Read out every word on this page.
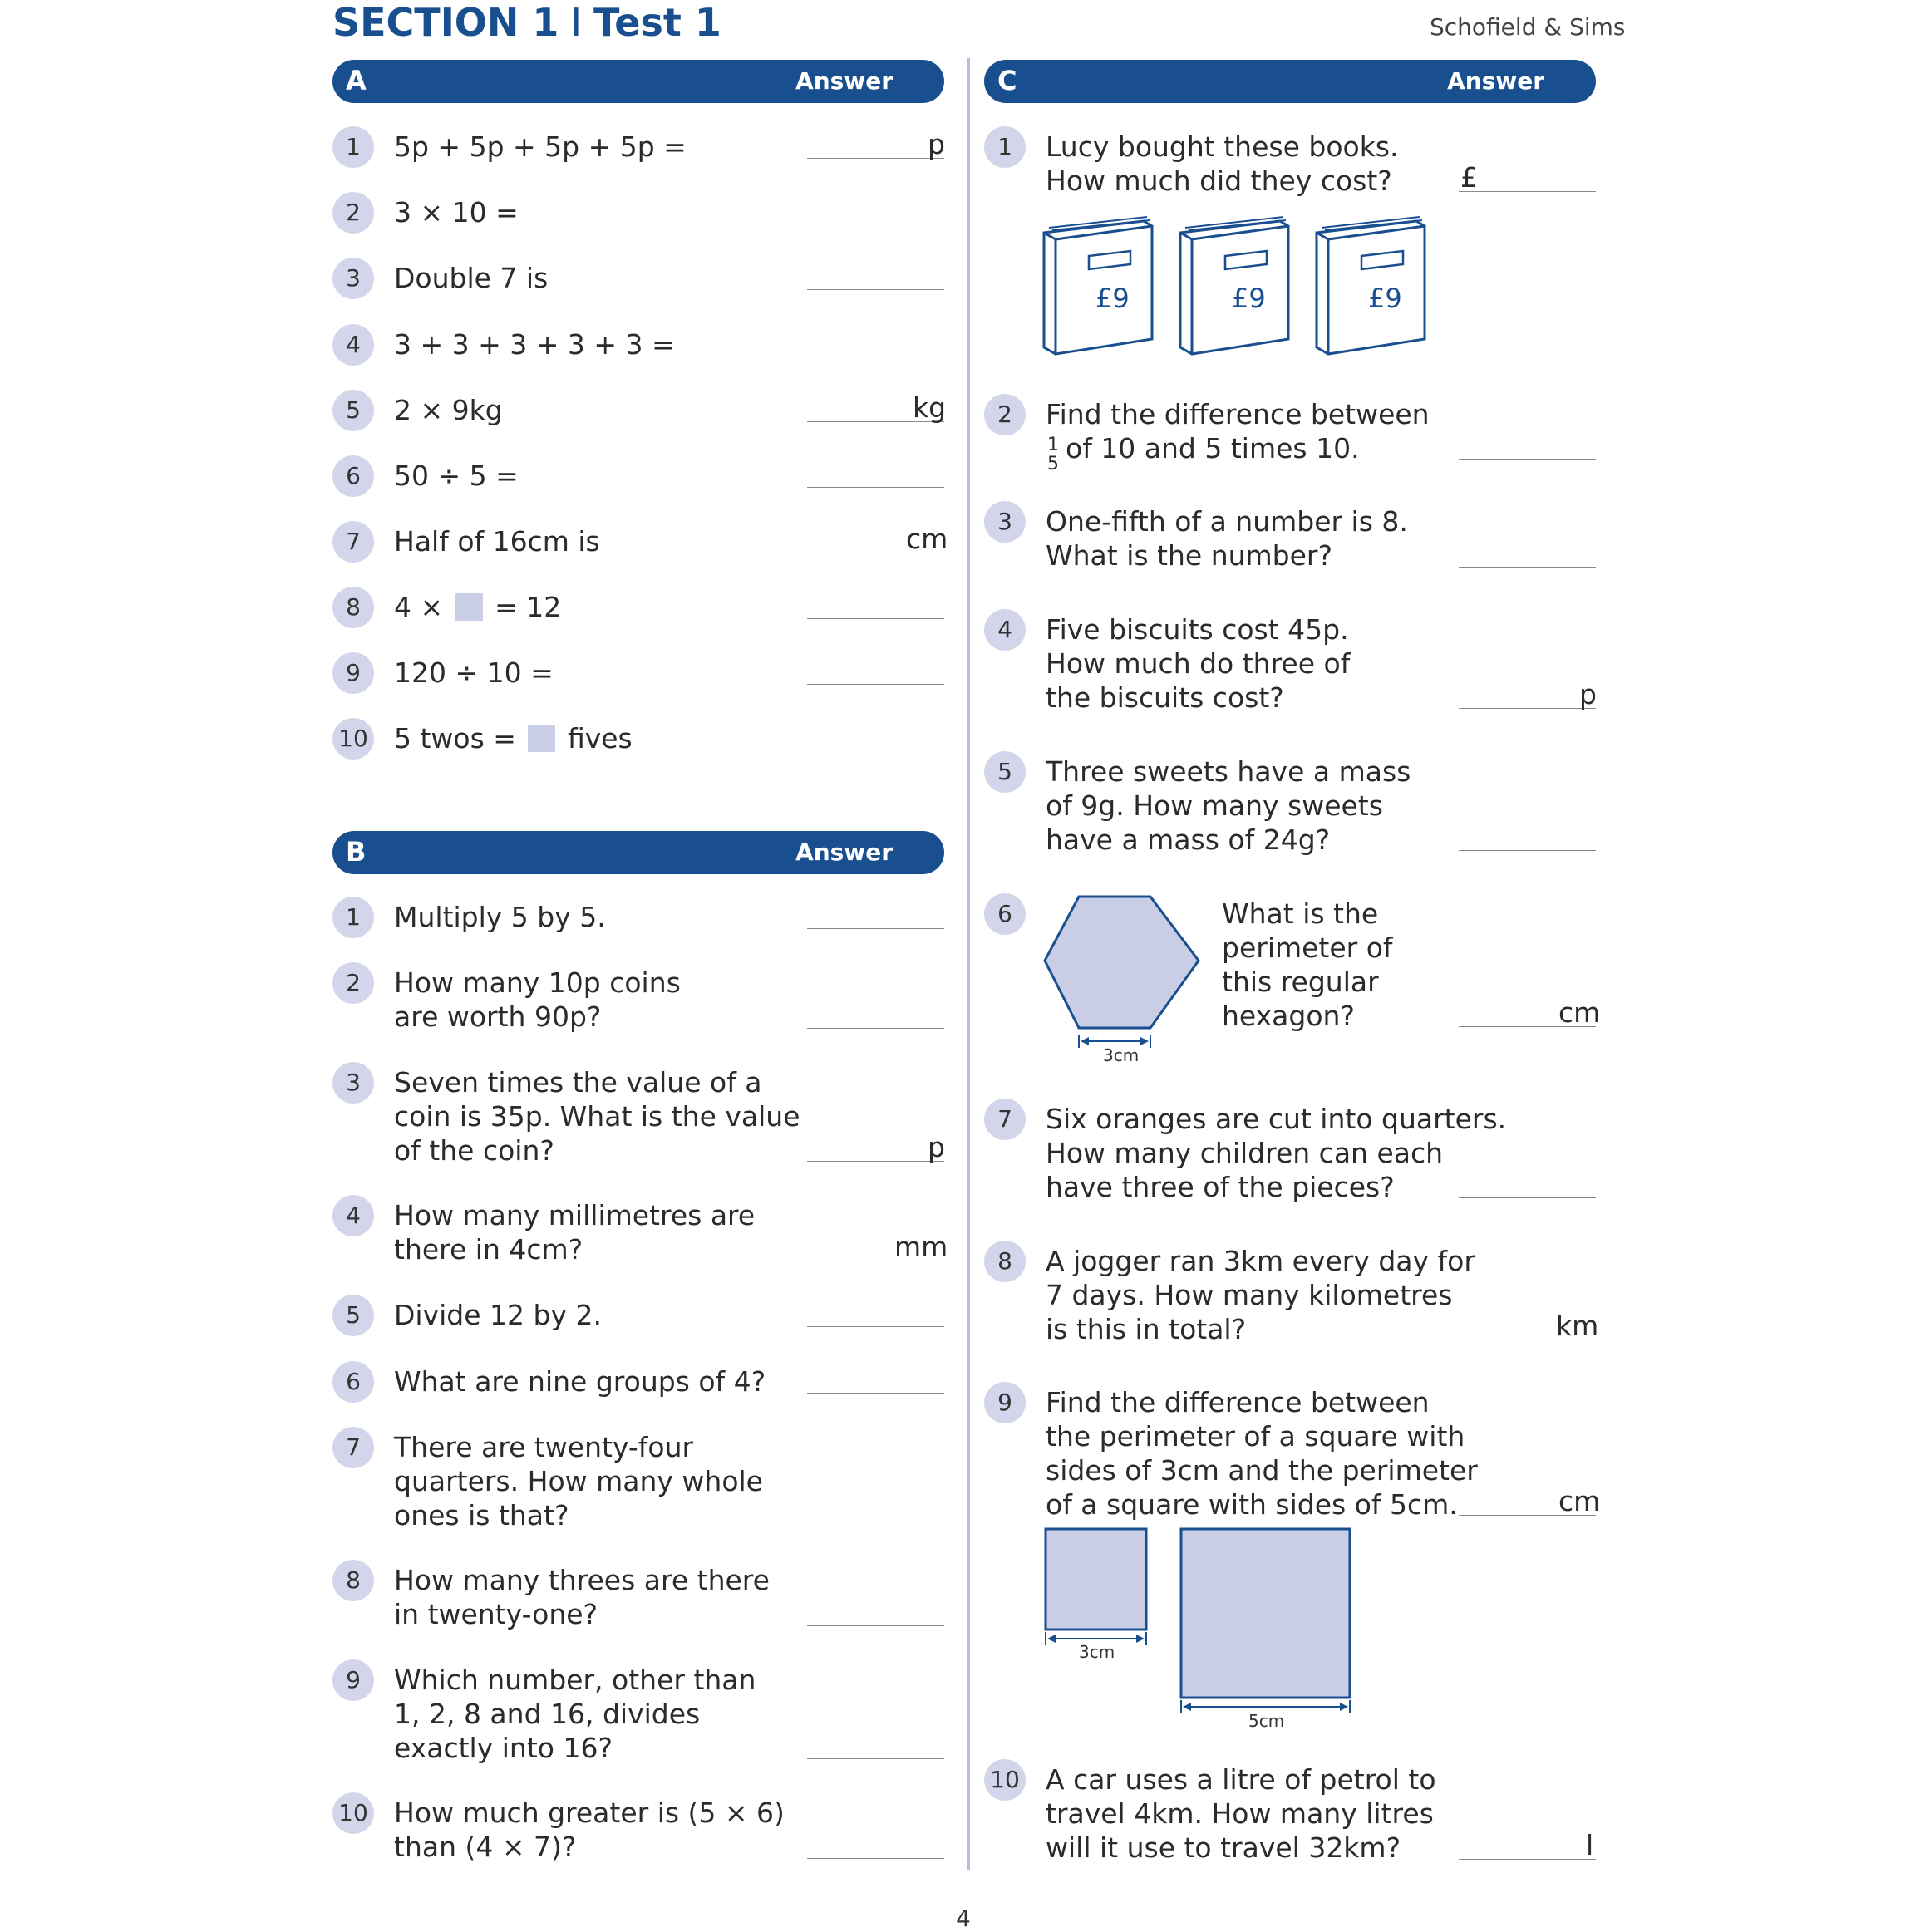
SECTION 1 I Test 1	Schofield & Sims
A	Answer
1	5p + 5p + 5p + 5p =	p
2	3 × 10 =
3	Double 7 is
4	3 + 3 + 3 + 3 + 3 =
5	2 × 9kg	kg
6	50 ÷ 5 =
7	Half of 16cm is	cm
8	4 × = 12
9	120 ÷ 10 =
10 5 twos = fives
B	Answer
1	Multiply 5 by 5.
2	How many 10p coins
are worth 90p?
3	Seven times the value of a
coin is 35p. What is the value
of the coin?	p
4	How many millimetres are
there in 4cm?	mm
5	Divide 12 by 2.
6	What are nine groups of 4?
7	There are twenty-four
quarters. How many whole
ones is that?
8	How many threes are there
in twenty-one?
9	Which number, other than
1, 2, 8 and 16, divides
exactly into 16?
10 How much greater is (5 × 6)
than (4 × 7)?
C	Answer
1	Lucy bought these books.
How much did they cost? £
£9	£9	£9
2	Find the difference between
$\frac{1}{5}$ of 10 and 5 times 10.
3	One-fifth of a number is 8.
What is the number?
4	Five biscuits cost 45p.
How much do three of
the biscuits cost?	p
5	Three sweets have a mass
of 9g. How many sweets
have a mass of 24g?
6
3cm
What is the
perimeter of
this regular
hexagon?	cm
7	Six oranges are cut into quarters.
How many children can each
have three of the pieces?
8	A jogger ran 3km every day for
7 days. How many kilometres
is this in total?	km
9	Find the difference between
the perimeter of a square with
sides of 3cm and the perimeter
of a square with sides of 5cm.	cm
3cm
5cm
10 A car uses a litre of petrol to
travel 4km. How many litres
will it use to travel 32km?	l
4
